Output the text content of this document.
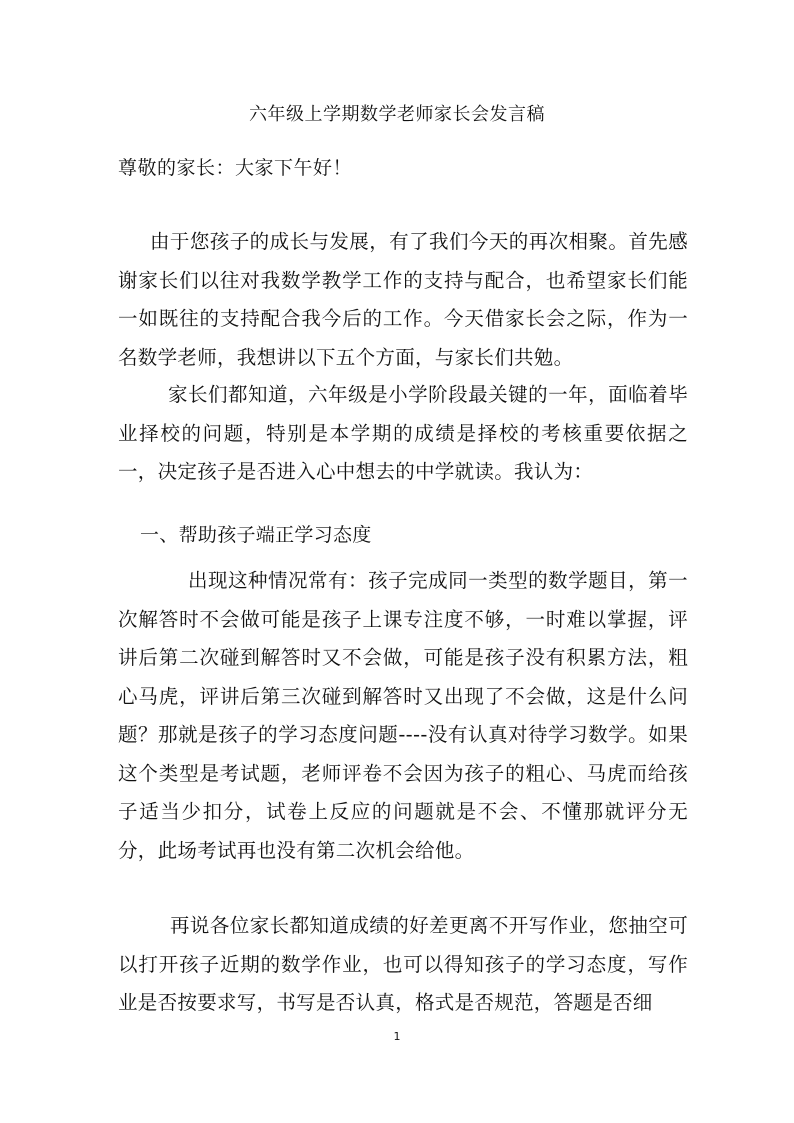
六年级上学期数学老师家长会发言稿
尊敬的家长：大家下午好！
由于您孩子的成长与发展，有了我们今天的再次相聚。首先感谢家长们以往对我数学教学工作的支持与配合，也希望家长们能一如既往的支持配合我今后的工作。今天借家长会之际，作为一名数学老师，我想讲以下五个方面，与家长们共勉。
家长们都知道，六年级是小学阶段最关键的一年，面临着毕业择校的问题，特别是本学期的成绩是择校的考核重要依据之一，决定孩子是否进入心中想去的中学就读。我认为：
一、帮助孩子端正学习态度
出现这种情况常有：孩子完成同一类型的数学题目，第一次解答时不会做可能是孩子上课专注度不够，一时难以掌握，评讲后第二次碰到解答时又不会做，可能是孩子没有积累方法，粗心马虎，评讲后第三次碰到解答时又出现了不会做，这是什么问题？那就是孩子的学习态度问题----没有认真对待学习数学。如果这个类型是考试题，老师评卷不会因为孩子的粗心、马虎而给孩子适当少扣分，试卷上反应的问题就是不会、不懂那就评分无分，此场考试再也没有第二次机会给他。
再说各位家长都知道成绩的好差更离不开写作业，您抽空可以打开孩子近期的数学作业，也可以得知孩子的学习态度，写作业是否按要求写，书写是否认真，格式是否规范，答题是否细
1
